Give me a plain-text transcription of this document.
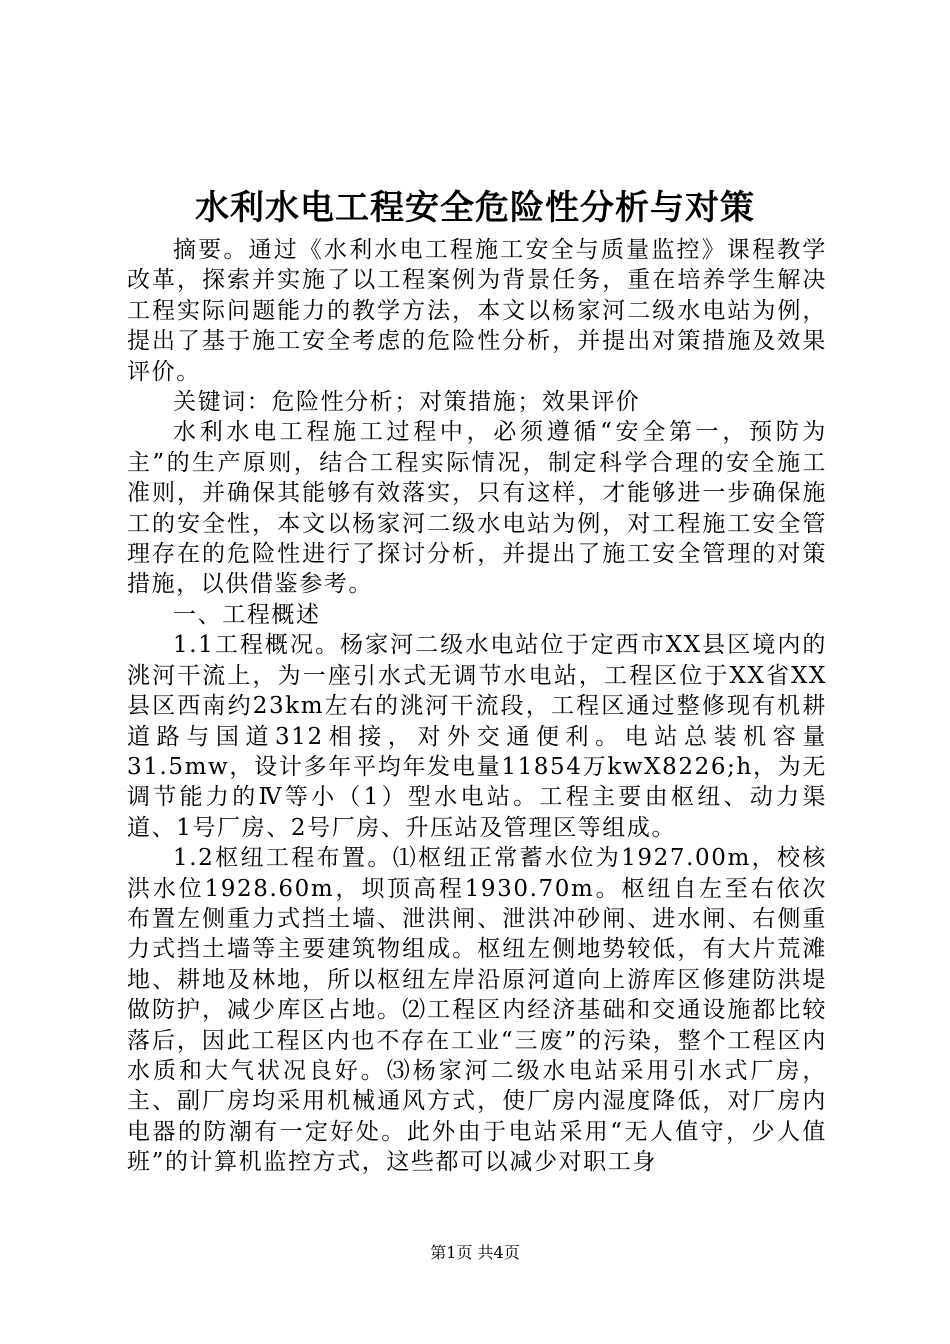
水利水电工程安全危险性分析与对策

摘要。通过《水利水电工程施工安全与质量监控》课程教学改革，探索并实施了以工程案例为背景任务，重在培养学生解决工程实际问题能力的教学方法，本文以杨家河二级水电站为例，提出了基于施工安全考虑的危险性分析，并提出对策措施及效果评价。

关键词：危险性分析；对策措施；效果评价

水利水电工程施工过程中，必须遵循“安全第一，预防为主”的生产原则，结合工程实际情况，制定科学合理的安全施工准则，并确保其能够有效落实，只有这样，才能够进一步确保施工的安全性，本文以杨家河二级水电站为例，对工程施工安全管理存在的危险性进行了探讨分析，并提出了施工安全管理的对策措施，以供借鉴参考。

一、工程概述

1.1工程概况。杨家河二级水电站位于定西市XX县区境内的洮河干流上，为一座引水式无调节水电站，工程区位于XX省XX县区西南约23km左右的洮河干流段，工程区通过整修现有机耕道路与国道312相接，对外交通便利。电站总装机容量31.5mw，设计多年平均年发电量11854万kwX8226;h，为无调节能力的Ⅳ等小（1）型水电站。工程主要由枢纽、动力渠道、1号厂房、2号厂房、升压站及管理区等组成。

1.2枢纽工程布置。⑴枢纽正常蓄水位为1927.00m，校核洪水位1928.60m，坝顶高程1930.70m。枢纽自左至右依次布置左侧重力式挡土墙、泄洪闸、泄洪冲砂闸、进水闸、右侧重力式挡土墙等主要建筑物组成。枢纽左侧地势较低，有大片荒滩地、耕地及林地，所以枢纽左岸沿原河道向上游库区修建防洪堤做防护，减少库区占地。⑵工程区内经济基础和交通设施都比较落后，因此工程区内也不存在工业“三废”的污染，整个工程区内水质和大气状况良好。⑶杨家河二级水电站采用引水式厂房，主、副厂房均采用机械通风方式，使厂房内湿度降低，对厂房内电器的防潮有一定好处。此外由于电站采用“无人值守，少人值班”的计算机监控方式，这些都可以减少对职工身

第1页 共4页
